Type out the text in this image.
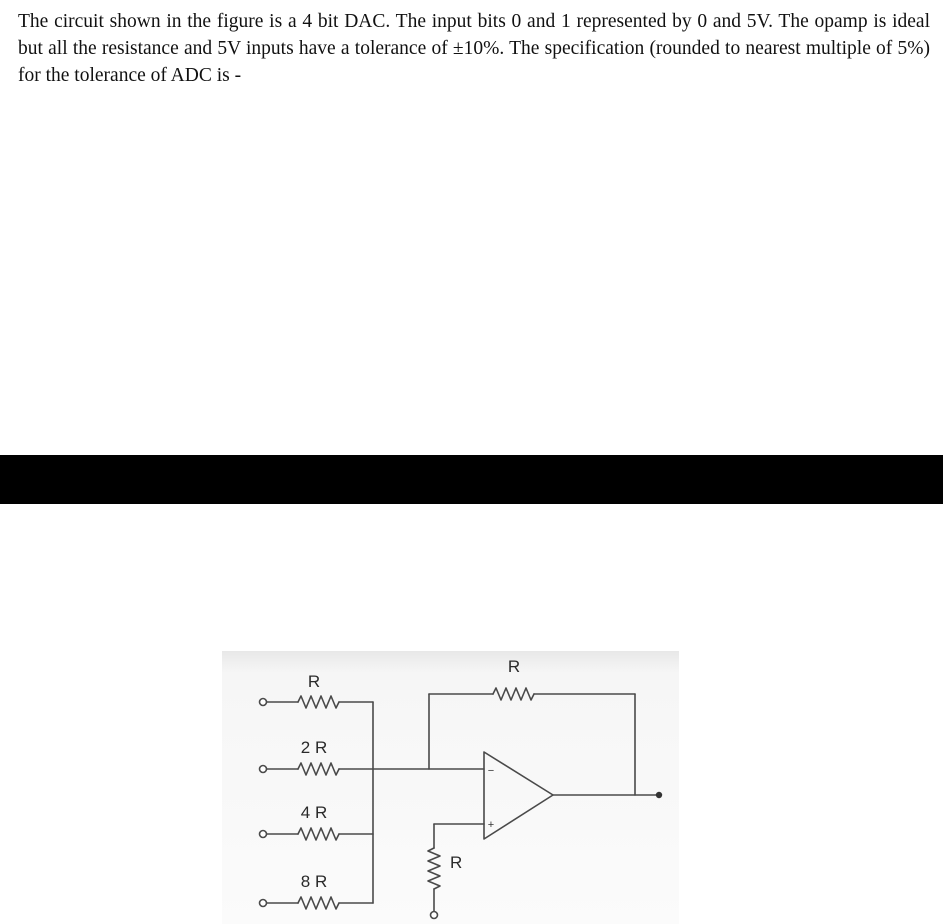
The circuit shown in the figure is a 4 bit DAC. The input bits 0 and 1 represented by 0 and 5V. The opamp is ideal but all the resistance and 5V inputs have a tolerance of ±10%. The specification (rounded to nearest multiple of 5%) for the tolerance of ADC is -

R
2 R
4 R
8 R
R
R
−
+
